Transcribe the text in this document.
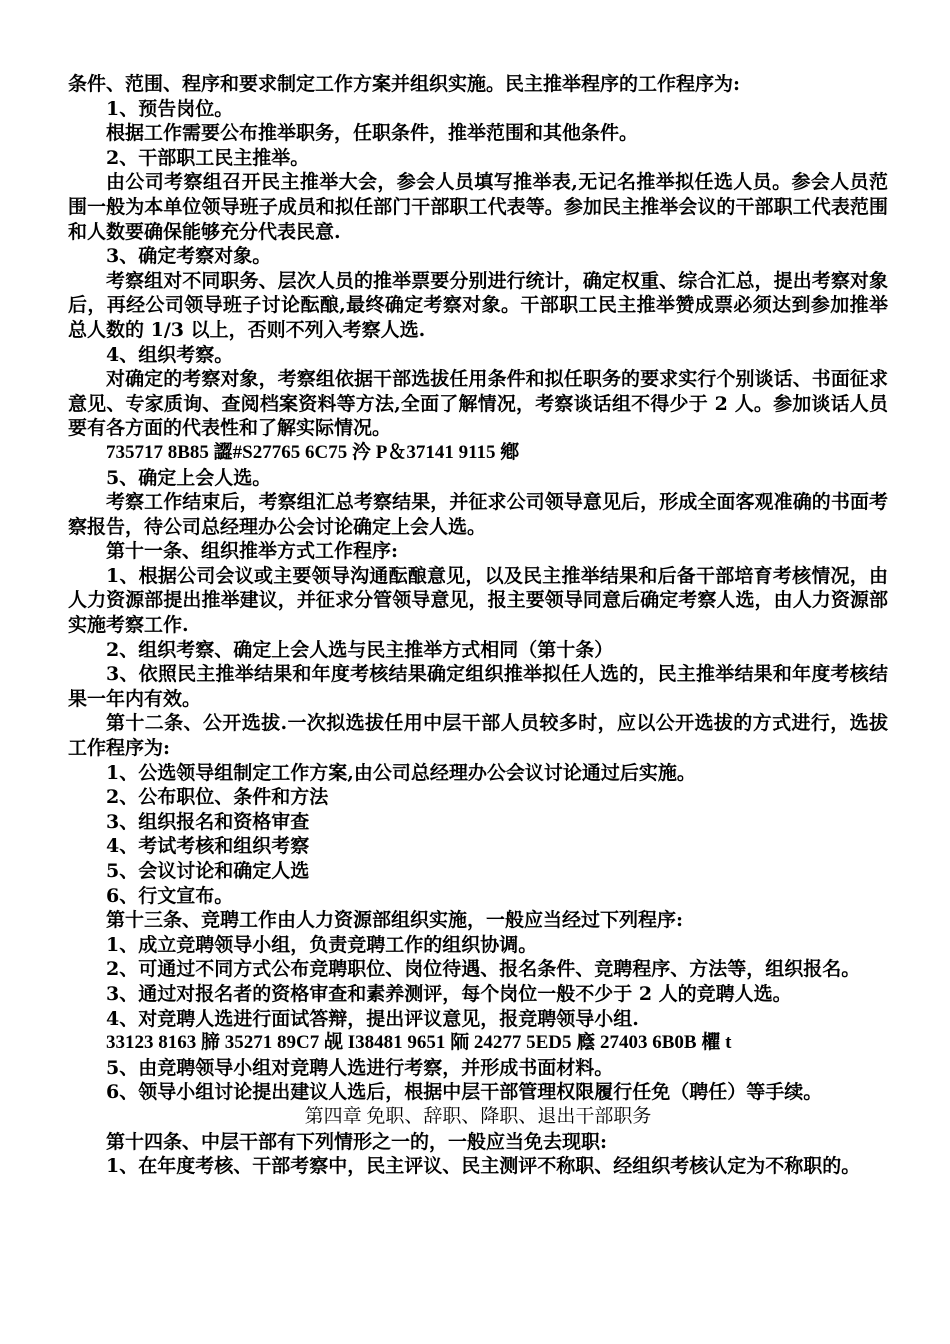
条件、范围、程序和要求制定工作方案并组织实施。民主推举程序的工作程序为:

1、预告岗位。

根据工作需要公布推举职务，任职条件，推举范围和其他条件。

2、干部职工民主推举。

由公司考察组召开民主推举大会，参会人员填写推举表,无记名推举拟任选人员。参会人员范围一般为本单位领导班子成员和拟任部门干部职工代表等。参加民主推举会议的干部职工代表范围和人数要确保能够充分代表民意.

3、确定考察对象。

考察组对不同职务、层次人员的推举票要分别进行统计，确定权重、综合汇总，提出考察对象后，再经公司领导班子讨论酝酿,最终确定考察对象。干部职工民主推举赞成票必须达到参加推举总人数的 1/3 以上，否则不列入考察人选.

4、组织考察。

对确定的考察对象，考察组依据干部选拔任用条件和拟任职务的要求实行个别谈话、书面征求意见、专家质询、查阅档案资料等方法,全面了解情况，考察谈话组不得少于 2 人。参加谈话人员要有各方面的代表性和了解实际情况。

735717 8B85 譅#S27765 6C75 汵 P＆37141 9115 鄕

5、确定上会人选。

考察工作结束后，考察组汇总考察结果，并征求公司领导意见后，形成全面客观准确的书面考察报告，待公司总经理办公会讨论确定上会人选。

第十一条、组织推举方式工作程序:

1、根据公司会议或主要领导沟通酝酿意见，以及民主推举结果和后备干部培育考核情况，由人力资源部提出推举建议，并征求分管领导意见，报主要领导同意后确定考察人选，由人力资源部实施考察工作.

2、组织考察、确定上会人选与民主推举方式相同（第十条）

3、依照民主推举结果和年度考核结果确定组织推举拟任人选的，民主推举结果和年度考核结果一年内有效。

第十二条、公开选拔.一次拟选拔任用中层干部人员较多时，应以公开选拔的方式进行，选拔工作程序为:

1、公选领导组制定工作方案,由公司总经理办公会议讨论通过后实施。

2、公布职位、条件和方法

3、组织报名和资格审查

4、考试考核和组织考察

5、会议讨论和确定人选

6、行文宣布。

第十三条、竞聘工作由人力资源部组织实施，一般应当经过下列程序:

1、成立竞聘领导小组，负责竞聘工作的组织协调。

2、可通过不同方式公布竞聘职位、岗位待遇、报名条件、竞聘程序、方法等，组织报名。

3、通过对报名者的资格审查和素养测评，每个岗位一般不少于 2 人的竞聘人选。

4、对竞聘人选进行面试答辩，提出评议意见，报竞聘领导小组.

33123 8163 腣 35271 89C7 觇 I38481 9651 陑 24277 5ED5 廕 27403 6B0B 欋 t

5、由竞聘领导小组对竞聘人选进行考察，并形成书面材料。

6、领导小组讨论提出建议人选后，根据中层干部管理权限履行任免（聘任）等手续。

第四章 免职、辞职、降职、退出干部职务

第十四条、中层干部有下列情形之一的，一般应当免去现职:

1、在年度考核、干部考察中，民主评议、民主测评不称职、经组织考核认定为不称职的。
